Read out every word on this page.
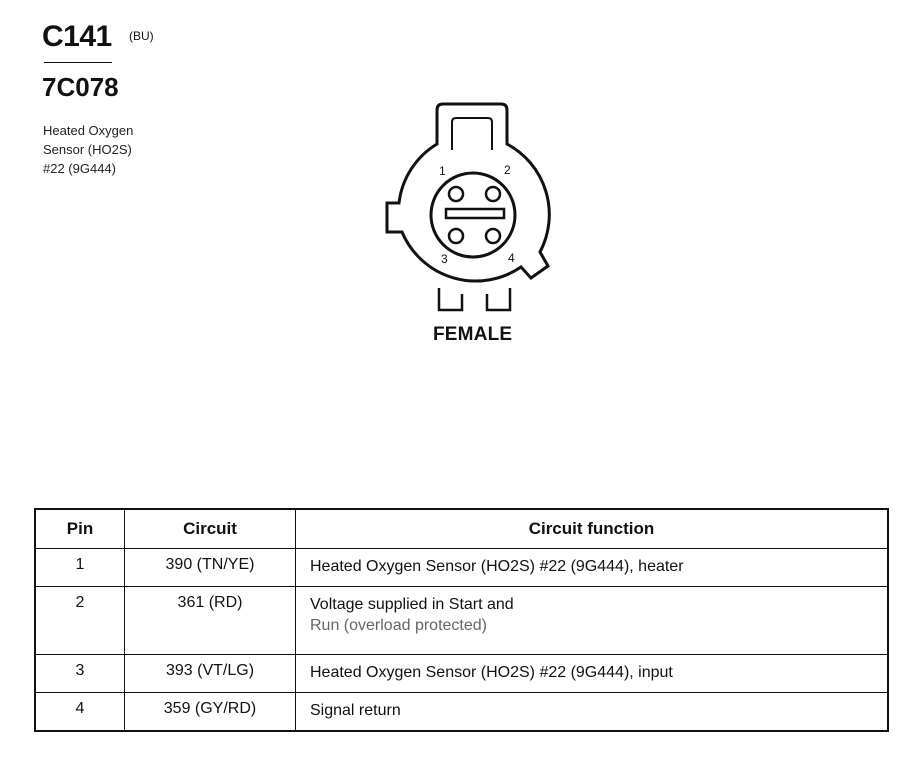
C141 (BU)
7C078
Heated Oxygen
Sensor (HO2S)
#22 (9G444)	1	2
3	4
FEMALE
Pin	Circuit	Circuit function
1	390 (TN/YE)	Heated Oxygen Sensor (HO2S) #22 (9G444), heater

2	361 (RD)	Voltage supplied in Start and
Run (overload protected)

3	393 (VT/LG)	Heated Oxygen Sensor (HO2S) #22 (9G444), input

4	359 (GY/RD)	Signal return
